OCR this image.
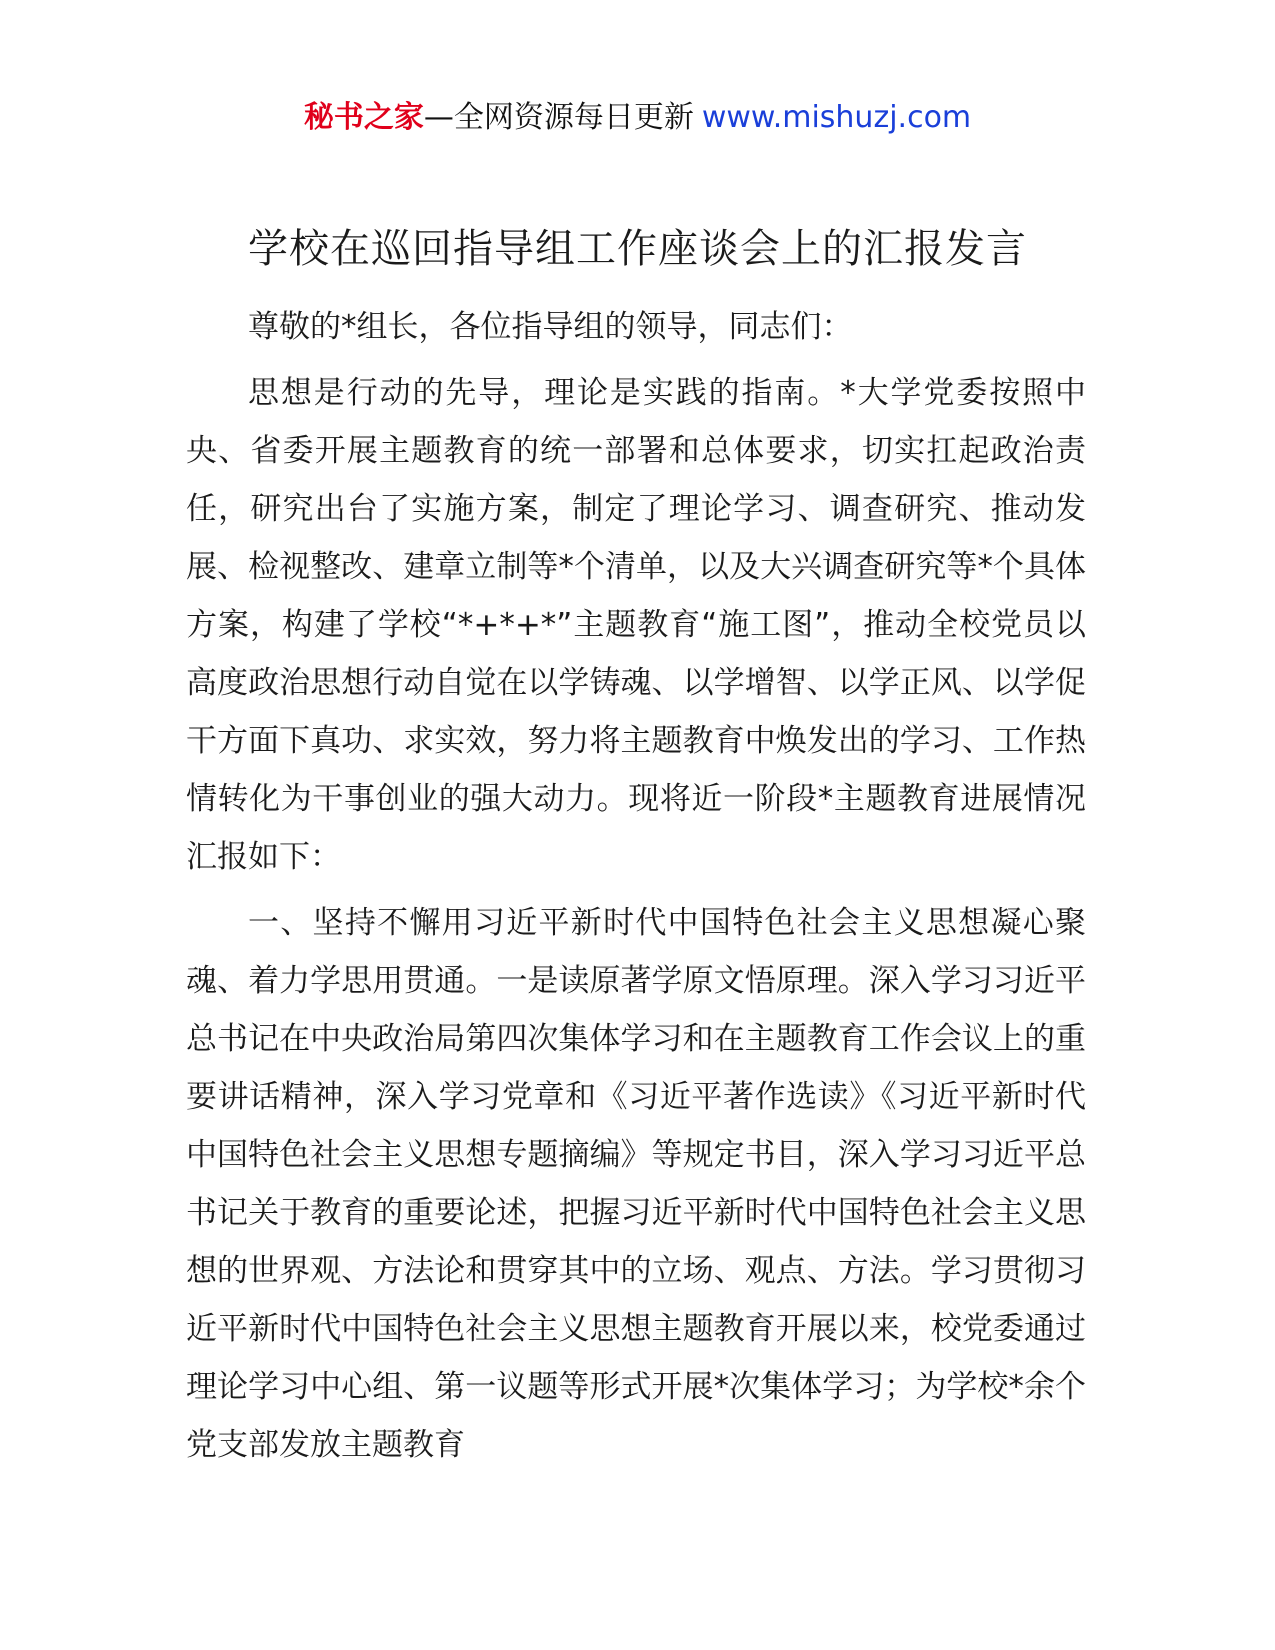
秘书之家—全网资源每日更新 www.mishuzj.com
学校在巡回指导组工作座谈会上的汇报发言

尊敬的*组长，各位指导组的领导，同志们：

思想是行动的先导，理论是实践的指南。*大学党委按照中央、省委开展主题教育的统一部署和总体要求，切实扛起政治责任，研究出台了实施方案，制定了理论学习、调查研究、推动发展、检视整改、建章立制等*个清单，以及大兴调查研究等*个具体方案，构建了学校“*+*+*”主题教育“施工图”，推动全校党员以高度政治思想行动自觉在以学铸魂、以学增智、以学正风、以学促干方面下真功、求实效，努力将主题教育中焕发出的学习、工作热情转化为干事创业的强大动力。现将近一阶段*主题教育进展情况汇报如下：

一、坚持不懈用习近平新时代中国特色社会主义思想凝心聚魂、着力学思用贯通。一是读原著学原文悟原理。深入学习习近平总书记在中央政治局第四次集体学习和在主题教育工作会议上的重要讲话精神，深入学习党章和《习近平著作选读》《习近平新时代中国特色社会主义思想专题摘编》等规定书目，深入学习习近平总书记关于教育的重要论述，把握习近平新时代中国特色社会主义思想的世界观、方法论和贯穿其中的立场、观点、方法。学习贯彻习近平新时代中国特色社会主义思想主题教育开展以来，校党委通过理论学习中心组、第一议题等形式开展*次集体学习；为学校*余个党支部发放主题教育
